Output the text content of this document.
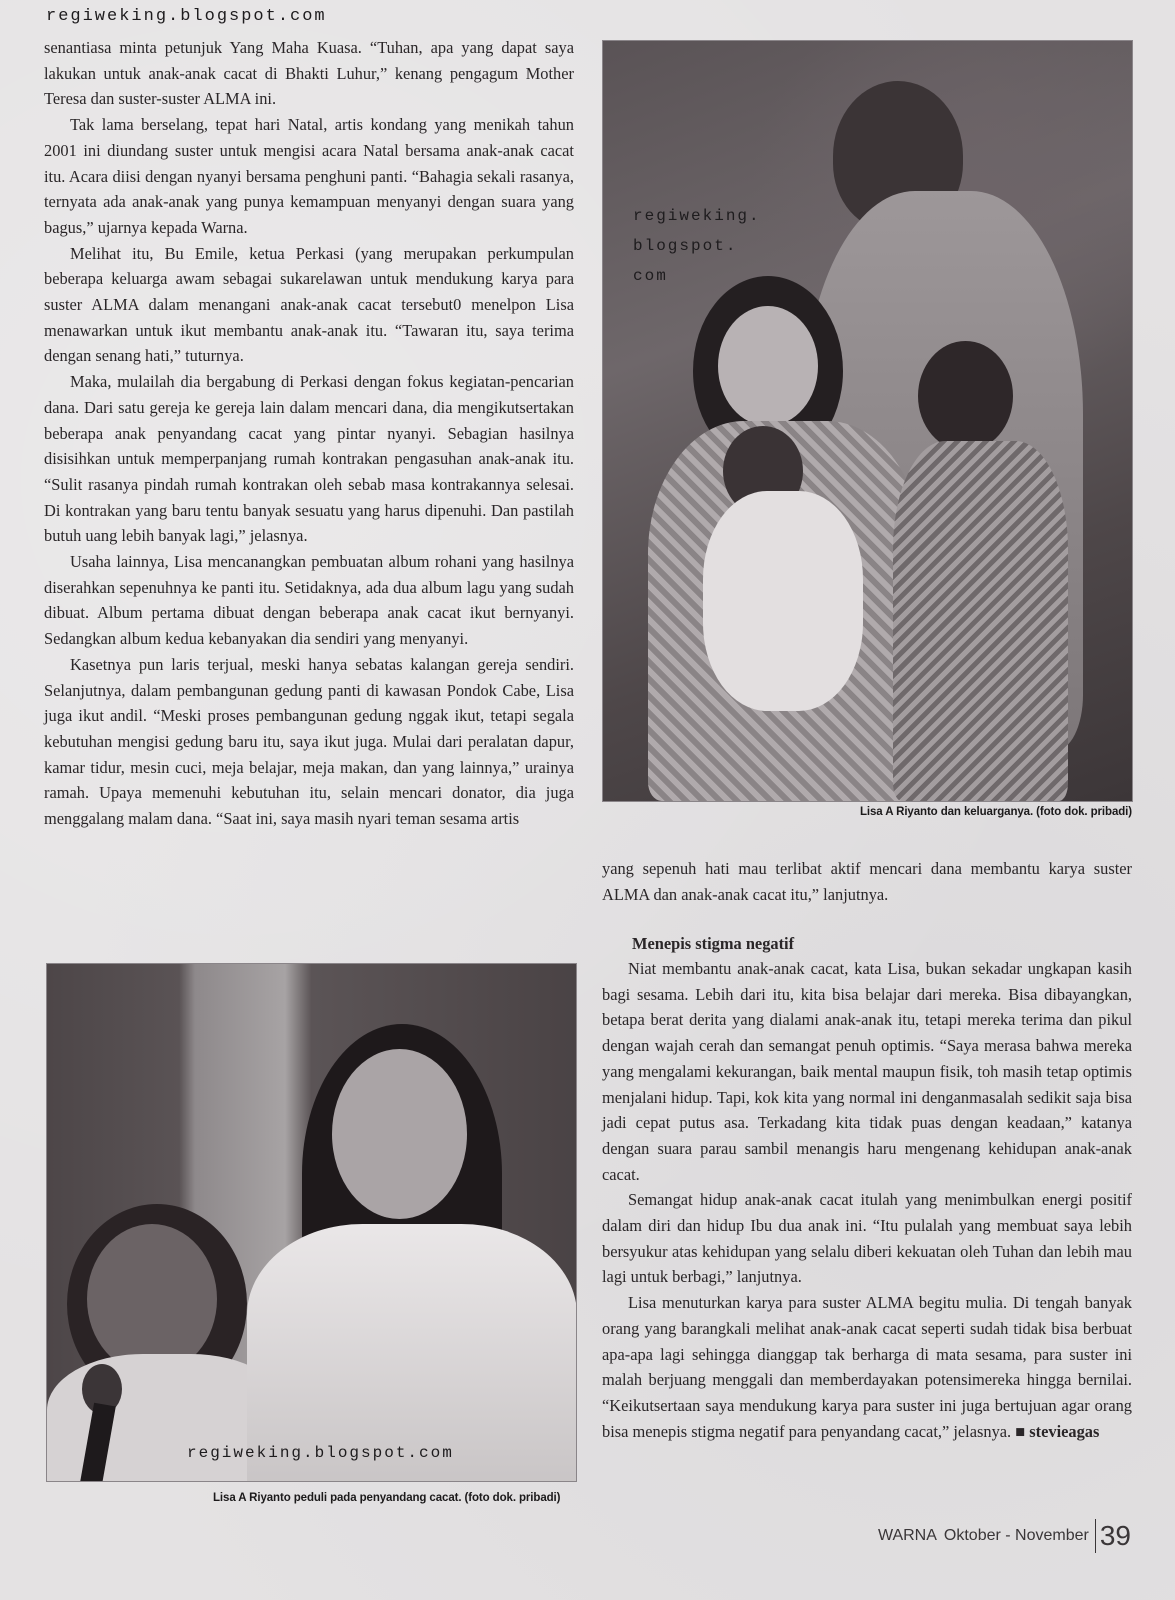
regiweking.blogspot.com

senantiasa minta petunjuk Yang Maha Kuasa. “Tuhan, apa yang dapat saya lakukan untuk anak-anak cacat di Bhakti Luhur,” kenang pengagum Mother Teresa dan suster-suster ALMA ini.

Tak lama berselang, tepat hari Natal, artis kondang yang menikah tahun 2001 ini diundang suster untuk mengisi acara Natal bersama anak-anak cacat itu. Acara diisi dengan nyanyi bersama penghuni panti. “Bahagia sekali rasanya, ternyata ada anak-anak yang punya kemampuan menyanyi dengan suara yang bagus,” ujarnya kepada Warna.

Melihat itu, Bu Emile, ketua Perkasi (yang merupakan perkumpulan beberapa keluarga awam sebagai sukarelawan untuk mendukung karya para suster ALMA dalam menangani anak-anak cacat tersebut0 menelpon Lisa menawarkan untuk ikut membantu anak-anak itu. “Tawaran itu, saya terima dengan senang hati,” tuturnya.

Maka, mulailah dia bergabung di Perkasi dengan fokus kegiatan-pencarian dana. Dari satu gereja ke gereja lain dalam mencari dana, dia mengikutsertakan beberapa anak penyandang cacat yang pintar nyanyi. Sebagian hasilnya disisihkan untuk memperpanjang rumah kontrakan pengasuhan anak-anak itu. “Sulit rasanya pindah rumah kontrakan oleh sebab masa kontrakannya selesai. Di kontrakan yang baru tentu banyak sesuatu yang harus dipenuhi. Dan pastilah butuh uang lebih banyak lagi,” jelasnya.

Usaha lainnya, Lisa mencanangkan pembuatan album rohani yang hasilnya diserahkan sepenuhnya ke panti itu. Setidaknya, ada dua album lagu yang sudah dibuat. Album pertama dibuat dengan beberapa anak cacat ikut bernyanyi. Sedangkan album kedua kebanyakan dia sendiri yang menyanyi.

Kasetnya pun laris terjual, meski hanya sebatas kalangan gereja sendiri. Selanjutnya, dalam pembangunan gedung panti di kawasan Pondok Cabe, Lisa juga ikut andil. “Meski proses pembangunan gedung nggak ikut, tetapi segala kebutuhan mengisi gedung baru itu, saya ikut juga. Mulai dari peralatan dapur, kamar tidur, mesin cuci, meja belajar, meja makan, dan yang lainnya,” urainya ramah. Upaya memenuhi kebutuhan itu, selain mencari donator, dia juga menggalang malam dana. “Saat ini, saya masih nyari teman sesama artis

regiweking.
blogspot.
com
Lisa A Riyanto dan keluarganya. (foto dok. pribadi)

yang sepenuh hati mau terlibat aktif mencari dana membantu karya suster ALMA dan anak-anak cacat itu,” lanjutnya.

Menepis stigma negatif

Niat membantu anak-anak cacat, kata Lisa, bukan sekadar ungkapan kasih bagi sesama. Lebih dari itu, kita bisa belajar dari mereka. Bisa dibayangkan, betapa berat derita yang dialami anak-anak itu, tetapi mereka terima dan pikul dengan wajah cerah dan semangat penuh optimis. “Saya merasa bahwa mereka yang mengalami kekurangan, baik mental maupun fisik, toh masih tetap optimis menjalani hidup. Tapi, kok kita yang normal ini denganmasalah sedikit saja bisa jadi cepat putus asa. Terkadang kita tidak puas dengan keadaan,” katanya dengan suara parau sambil menangis haru mengenang kehidupan anak-anak cacat.

Semangat hidup anak-anak cacat itulah yang menimbulkan energi positif dalam diri dan hidup Ibu dua anak ini. “Itu pulalah yang membuat saya lebih bersyukur atas kehidupan yang selalu diberi kekuatan oleh Tuhan dan lebih mau lagi untuk berbagi,” lanjutnya.

Lisa menuturkan karya para suster ALMA begitu mulia. Di tengah banyak orang yang barangkali melihat anak-anak cacat seperti sudah tidak bisa berbuat apa-apa lagi sehingga dianggap tak berharga di mata sesama, para suster ini malah berjuang menggali dan memberdayakan potensimereka hingga bernilai. “Keikutsertaan saya mendukung karya para suster ini juga bertujuan agar orang bisa menepis stigma negatif para penyandang cacat,” jelasnya. ■ stevieagas

regiweking.blogspot.com
Lisa A Riyanto peduli pada penyandang cacat. (foto dok. pribadi)
WARNA Oktober - November 39
